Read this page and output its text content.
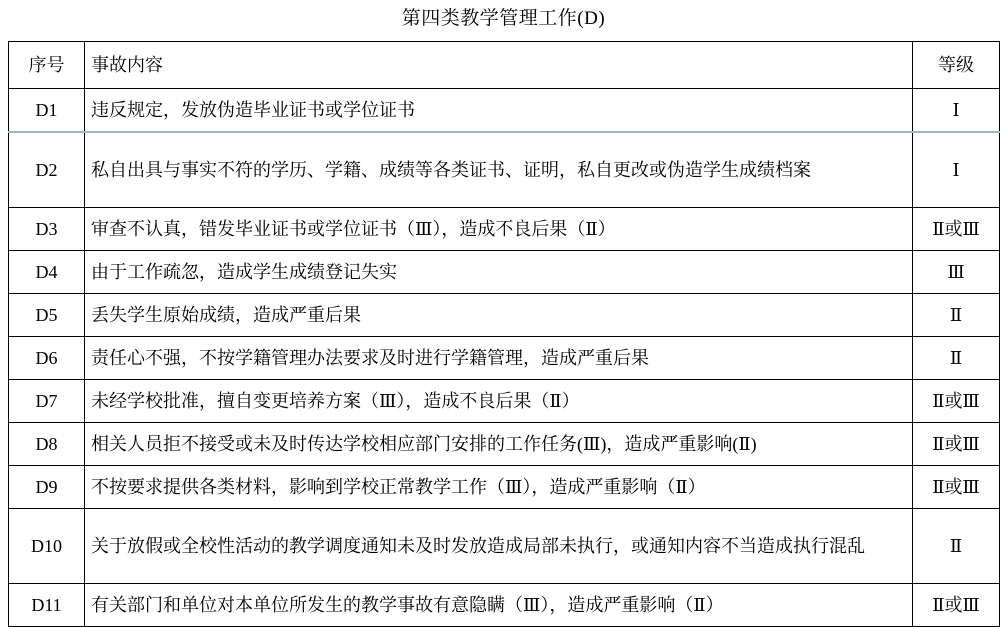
第四类教学管理工作(D)
序号	事故内容	等级
D1	违反规定，发放伪造毕业证书或学位证书	Ⅰ
D2	私自出具与事实不符的学历、学籍、成绩等各类证书、证明，私自更改或伪造学生成绩档案	Ⅰ
D3	审查不认真，错发毕业证书或学位证书（Ⅲ），造成不良后果（Ⅱ）	Ⅱ或Ⅲ
D4	由于工作疏忽，造成学生成绩登记失实	Ⅲ
D5	丢失学生原始成绩，造成严重后果	Ⅱ
D6	责任心不强，不按学籍管理办法要求及时进行学籍管理，造成严重后果	Ⅱ
D7	未经学校批准，擅自变更培养方案（Ⅲ），造成不良后果（Ⅱ）	Ⅱ或Ⅲ
D8	相关人员拒不接受或未及时传达学校相应部门安排的工作任务(Ⅲ)，造成严重影响(Ⅱ)	Ⅱ或Ⅲ
D9	不按要求提供各类材料，影响到学校正常教学工作（Ⅲ），造成严重影响（Ⅱ）	Ⅱ或Ⅲ
D10	关于放假或全校性活动的教学调度通知未及时发放造成局部未执行，或通知内容不当造成执行混乱	Ⅱ
D11	有关部门和单位对本单位所发生的教学事故有意隐瞒（Ⅲ），造成严重影响（Ⅱ）	Ⅱ或Ⅲ
